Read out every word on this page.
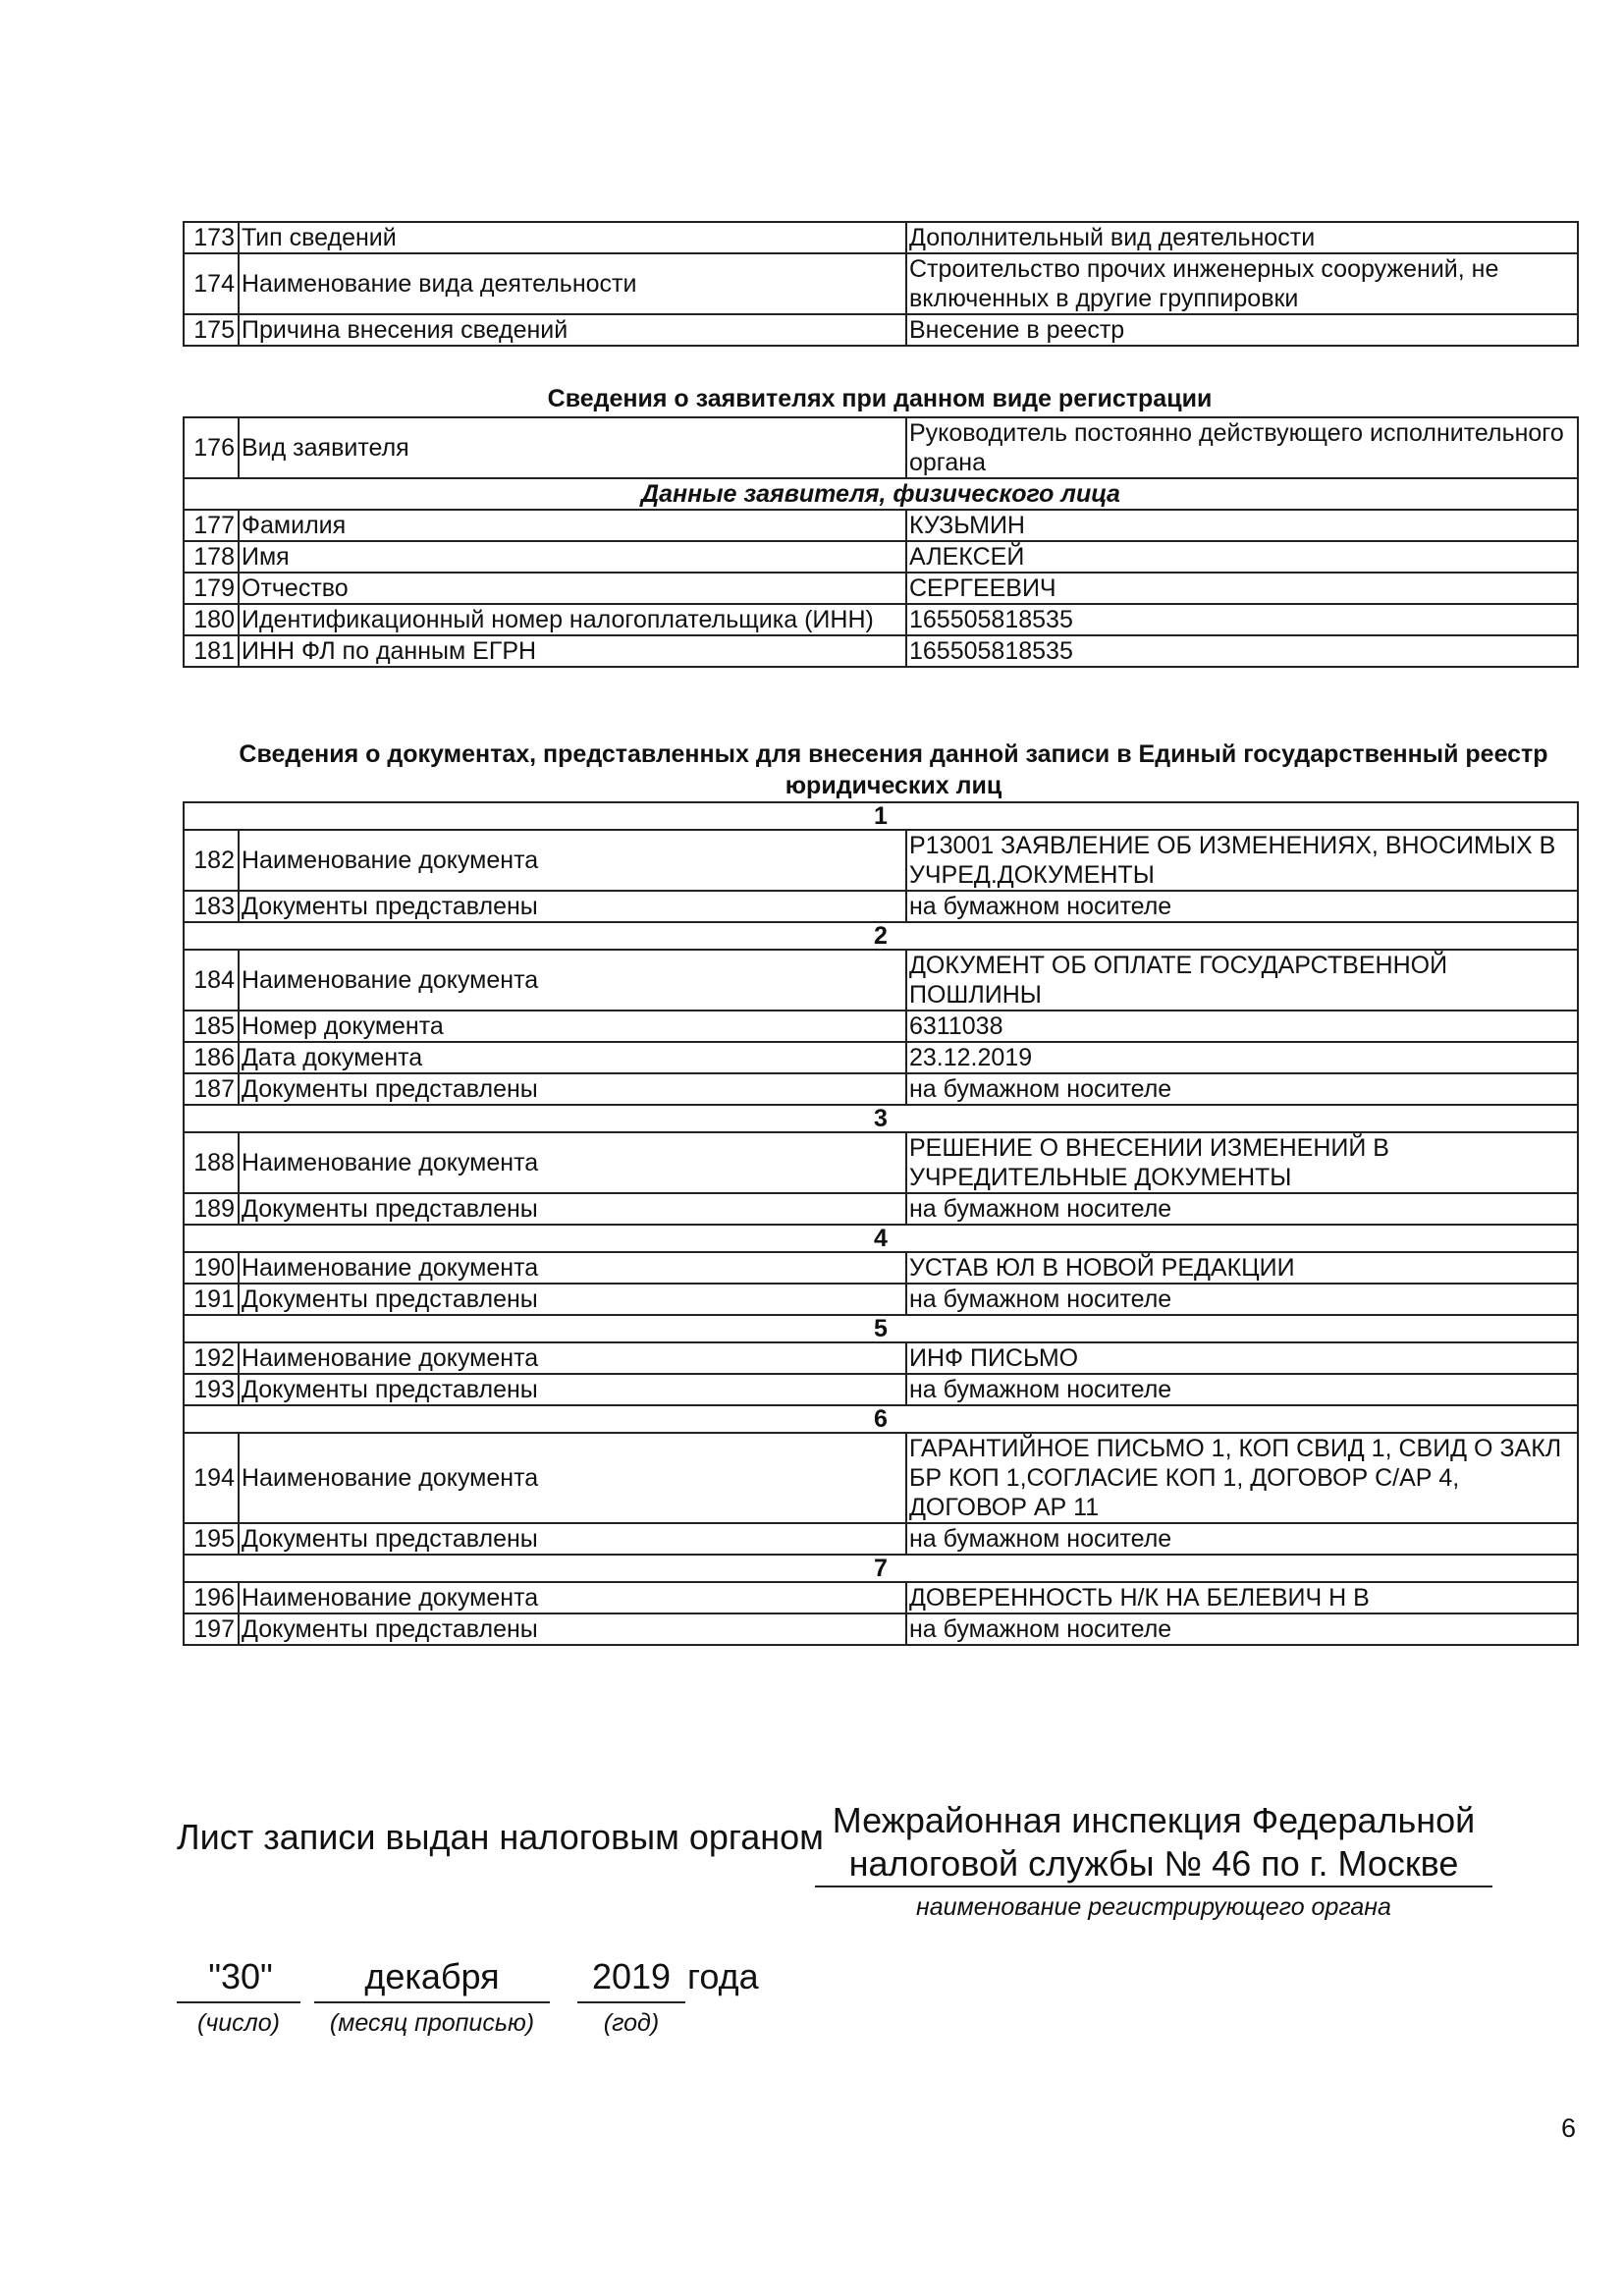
173	Тип сведений	Дополнительный вид деятельности
174	Наименование вида деятельности	Строительство прочих инженерных сооружений, не включенных в другие группировки
175	Причина внесения сведений	Внесение в реестр
Сведения о заявителях при данном виде регистрации
176	Вид заявителя	Руководитель постоянно действующего исполнительного органа
Данные заявителя, физического лица		
177	Фамилия	КУЗЬМИН
178	Имя	АЛЕКСЕЙ
179	Отчество	СЕРГЕЕВИЧ
180	Идентификационный номер налогоплательщика (ИНН)	165505818535
181	ИНН ФЛ по данным ЕГРН	165505818535
Сведения о документах, представленных для внесения данной записи в Единый государственный реестр юридических лиц
1		
182	Наименование документа	Р13001 ЗАЯВЛЕНИЕ ОБ ИЗМЕНЕНИЯХ, ВНОСИМЫХ В УЧРЕД.ДОКУМЕНТЫ
183	Документы представлены	на бумажном носителе
2		
184	Наименование документа	ДОКУМЕНТ ОБ ОПЛАТЕ ГОСУДАРСТВЕННОЙ ПОШЛИНЫ
185	Номер документа	6311038
186	Дата документа	23.12.2019
187	Документы представлены	на бумажном носителе
3		
188	Наименование документа	РЕШЕНИЕ О ВНЕСЕНИИ ИЗМЕНЕНИЙ В УЧРЕДИТЕЛЬНЫЕ ДОКУМЕНТЫ
189	Документы представлены	на бумажном носителе
4		
190	Наименование документа	УСТАВ ЮЛ В НОВОЙ РЕДАКЦИИ
191	Документы представлены	на бумажном носителе
5		
192	Наименование документа	ИНФ ПИСЬМО
193	Документы представлены	на бумажном носителе
6		
194	Наименование документа	ГАРАНТИЙНОЕ ПИСЬМО 1, КОП СВИД 1, СВИД О ЗАКЛ БР КОП 1,СОГЛАСИЕ КОП 1, ДОГОВОР С/АР 4, ДОГОВОР АР 11
195	Документы представлены	на бумажном носителе
7		
196	Наименование документа	ДОВЕРЕННОСТЬ Н/К НА БЕЛЕВИЧ Н В
197	Документы представлены	на бумажном носителе
Лист записи выдан налоговым органом Межрайонная инспекция Федеральной налоговой службы № 46 по г. Москве
наименование регистрирующего органа
"30"
(число)
декабря
(месяц прописью)
2019
(год)
года
6
